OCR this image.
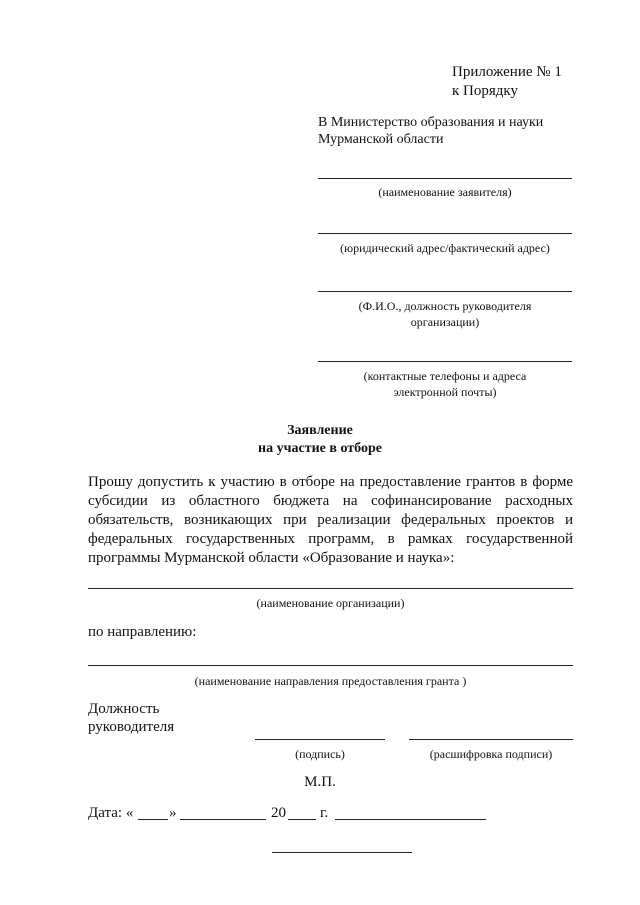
Приложение № 1
к Порядку
В Министерство образования и науки
Мурманской области
(наименование заявителя)
(юридический адрес/фактический адрес)
(Ф.И.О., должность руководителя
организации)
(контактные телефоны и адреса
электронной почты)
Заявление
на участие в отборе

Прошу допустить к участию в отборе на предоставление грантов в форме субсидии из областного бюджета на софинансирование расходных обязательств, возникающих при реализации федеральных проектов и федеральных государственных программ, в рамках государственной программы Мурманской области «Образование и наука»:

(наименование организации)
по направлению:
(наименование направления предоставления гранта )
Должность
руководителя
(подпись)	(расшифровка подписи)
М.П.
Дата: « »	20 г.
